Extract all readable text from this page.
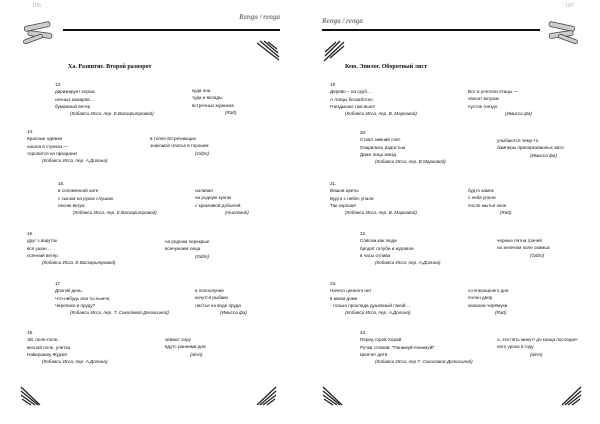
106
Renga / renga
Ха. Развитие. Второй разворот
13.
дирижирует хором
ночных комаров…
бумажный ветер
(Кобаяси Исса, пер. Е.Васкаритровой)
куда она
туда и вклады
встречных мужиков
(Ra0)
14.
Красные одежки
нашла в стрекоз —
торопится на праздник!
(Кобаяси Исса, пер. А.Долина)
в толпе встречающих
знакомое платье в горошек
(Gitbn)
15.
в соломенной хате
с сыном на руках слушаю
песню ветра
(Кобаяси Исса, пер. Е.Васкаритровой)
наливая
на родную кухню
с крикливой добычей
(тиотмиk)
16.
друг з варуток
вся ушан…
осенний ветер
(Кобаяси Исса, Е.Васкаритровой)
на родном перекрые
всенужаем лица
(Gitbn)
17.
Долгий день.
Что-нибудь ела ты нынче,
Черепаха в пруду?
(Кобаяси Исса, пер. Т. Соколовой-Делюсиной)
в полнолуние
качутся рыбаки
листья на воде пруда
(Имисса фа)
18.
Эй, поле-поле,
весной поле, улитка,
Навершину Фудзи!
(Кобаяси Исса, пер. А.Долина)
зевают хору
вдутс ранними дни
(aiiчn)
107
Renga / renga
Кею. Эпилог. Оборотный лист
19
Дерево – на сруб…
А птицы беззаботно
Гнездышко там вьют!
(Кобаяси Исса, пер. В. Марковой)
Вот и улетели птицы —
свесит ветром
пустое гнездо
(Имисса фа)
20.
Стаял зимний снег.
Озарились радостью
Даже лица звезд.
(Кобаяси Исса, пер. В Марковой)
улыбаются чему-то
бамперы припаркованных авто
(Имисса фа)
21.
Вишни цветы
Будто с небес упали
Так хороши!
(Кобаяси Исса, пер. В. Марковой)
будто замок
с неба упали
после мытья окон
(Ra0)
22.
Совсем как люди
бродят голуби и журавли
в часы отлива
(Кобаяси Исса, пер. А.Долина)
черные пятна грачей
на зеленом поле озимых
(Gitbn)
23.
Ничего ценного нет
в моем доме
- только прохлада душевный покой…
(Кобаяси Исса, пер. А.Долина)
со вчерашнего дня
полон двор
запахом черёмухи
(Ra0)
24.
Перед горой Хорай
Ручки сложив: "Понимуй-понимуй!"
Шепчет дитя.
(Кобаяси Исса, пер Т. Соколовой-Делюсиной)
о, эти пять минут! до конца последне-
него урока в году
(aiiчn)
